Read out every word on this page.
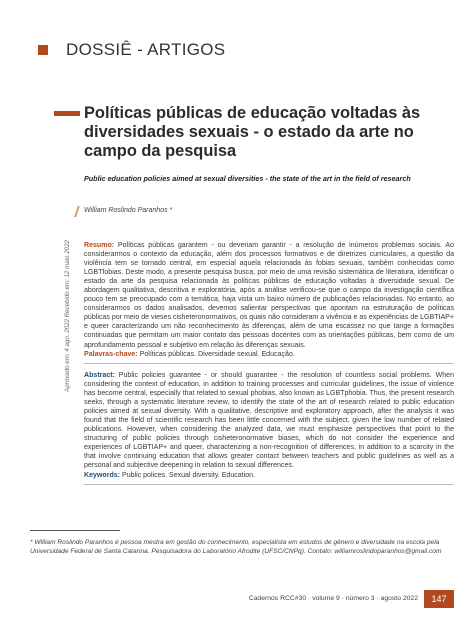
DOSSIÊ - ARTIGOS
Políticas públicas de educação voltadas às diversidades sexuais - o estado da arte no campo da pesquisa
Public education policies aimed at sexual diversities - the state of the art in the field of research
William Roslindo Paranhos *
Recebido em: 12 maio 2022
Aprovado em: 4 ago. 2022

Resumo: Políticas públicas garantem - ou deveriam garantir - a resolução de inúmeros problemas sociais. Ao considerarmos o contexto da educação, além dos processos formativos e de diretrizes curriculares, a questão da violência tem se tornado central, em especial aquela relacionada às fobias sexuais, também conhecidas como LGBTfobias. Deste modo, a presente pesquisa busca, por meio de uma revisão sistemática de literatura, identificar o estado da arte da pesquisa relacionada às políticas públicas de educação voltadas à diversidade sexual. De abordagem qualitativa, descritiva e exploratória, após a análise verificou-se que o campo da investigação científica pouco tem se preocupado com a temática, haja vista um baixo número de publicações relacionadas. No entanto, ao considerarmos os dados analisados, devemos salientar perspectivas que apontam na estruturação de políticas públicas por meio de vieses cisheteronormativos, os quais não consideram a vivência e as experiências de LGBTIAP+ e queer caracterizando um não reconhecimento às diferenças, além de uma escassez no que tange a formações continuadas que permitam um maior contato das pessoas docentes com as orientações públicas, bem como de um aprofundamento pessoal e subjetivo em relação às diferenças sexuais.

Palavras-chave: Políticas públicas. Diversidade sexual. Educação.

Abstract: Public policies guarantee - or should guarantee - the resolution of countless social problems. When considering the context of education, in addition to training processes and curricular guidelines, the issue of violence has become central, especially that related to sexual phobias, also known as LGBTphobia. Thus, the present research seeks, through a systematic literature review, to identify the state of the art of research related to public education policies aimed at sexual diversity. With a qualitative, descriptive and exploratory approach, after the analysis it was found that the field of scientific research has been little concerned with the subject, given the low number of related publications. However, when considering the analyzed data, we must emphasize perspectives that point to the structuring of public policies through cisheteronormative biases, which do not consider the experience and experiences of LGBTIAP+ and queer, characterizing a non-recognition of differences, in addition to a scarcity in the that involve continuing education that allows greater contact between teachers and public guidelines as well as a personal and subjective deepening in relation to sexual differences.

Keywords: Public polices. Sexual diversity. Education.

* William Roslindo Paranhos é pessoa mestra em gestão do conhecimento, especialista em estudos de gênero e diversidade na escola pela Universidade Federal de Santa Catarina. Pesquisadora do Laboratório Afrodite (UFSC/CNPq). Contato: williamroslindoparanhos@gmail.com

Cadernos RCC#30 · volume 9 · número 3 · agosto 2022	147
